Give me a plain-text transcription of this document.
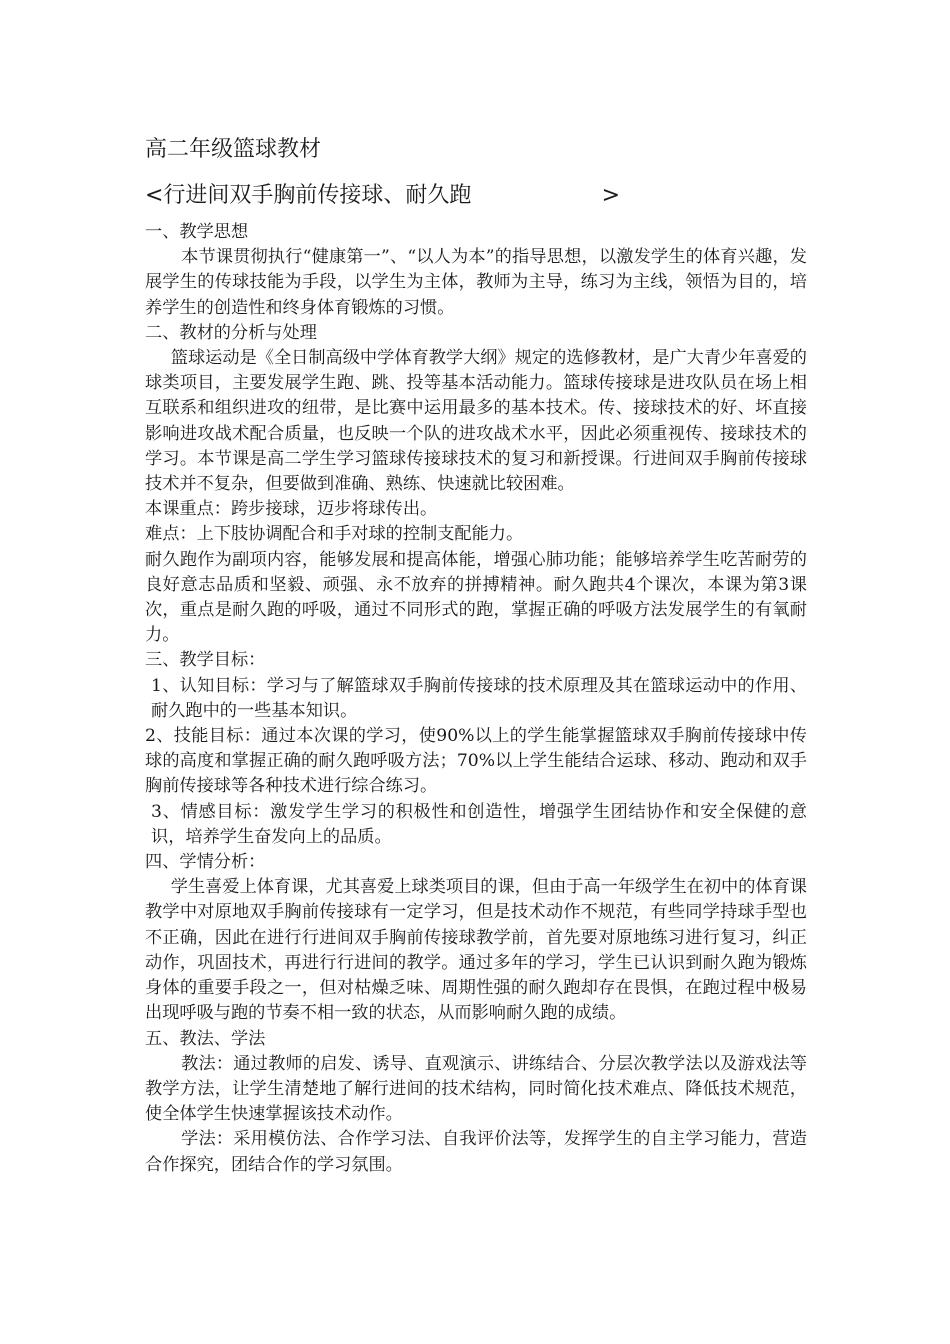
高二年级篮球教材
<行进间双手胸前传接球、耐久跑	>

一、教学思想

本节课贯彻执行“健康第一”、“以人为本”的指导思想，以激发学生的体育兴趣，发展学生的传球技能为手段，以学生为主体，教师为主导，练习为主线，领悟为目的，培养学生的创造性和终身体育锻炼的习惯。

二、教材的分析与处理

篮球运动是《全日制高级中学体育教学大纲》规定的选修教材，是广大青少年喜爱的球类项目，主要发展学生跑、跳、投等基本活动能力。篮球传接球是进攻队员在场上相互联系和组织进攻的纽带，是比赛中运用最多的基本技术。传、接球技术的好、坏直接影响进攻战术配合质量，也反映一个队的进攻战术水平，因此必须重视传、接球技术的学习。本节课是高二学生学习篮球传接球技术的复习和新授课。行进间双手胸前传接球技术并不复杂，但要做到准确、熟练、快速就比较困难。

本课重点：跨步接球，迈步将球传出。

难点：上下肢协调配合和手对球的控制支配能力。

耐久跑作为副项内容，能够发展和提高体能，增强心肺功能；能够培养学生吃苦耐劳的良好意志品质和坚毅、顽强、永不放弃的拼搏精神。耐久跑共4个课次，本课为第3课次，重点是耐久跑的呼吸，通过不同形式的跑，掌握正确的呼吸方法发展学生的有氧耐力。

三、教学目标：

1、认知目标：学习与了解篮球双手胸前传接球的技术原理及其在篮球运动中的作用、耐久跑中的一些基本知识。

2、技能目标：通过本次课的学习，使90%以上的学生能掌握篮球双手胸前传接球中传球的高度和掌握正确的耐久跑呼吸方法；70%以上学生能结合运球、移动、跑动和双手胸前传接球等各种技术进行综合练习。

3、情感目标：激发学生学习的积极性和创造性，增强学生团结协作和安全保健的意识，培养学生奋发向上的品质。

四、学情分析：

学生喜爱上体育课，尤其喜爱上球类项目的课，但由于高一年级学生在初中的体育课教学中对原地双手胸前传接球有一定学习，但是技术动作不规范，有些同学持球手型也不正确，因此在进行行进间双手胸前传接球教学前，首先要对原地练习进行复习，纠正动作，巩固技术，再进行行进间的教学。通过多年的学习，学生已认识到耐久跑为锻炼身体的重要手段之一，但对枯燥乏味、周期性强的耐久跑却存在畏惧，在跑过程中极易出现呼吸与跑的节奏不相一致的状态，从而影响耐久跑的成绩。

五、教法、学法

教法：通过教师的启发、诱导、直观演示、讲练结合、分层次教学法以及游戏法等教学方法，让学生清楚地了解行进间的技术结构，同时简化技术难点、降低技术规范，使全体学生快速掌握该技术动作。

学法：采用模仿法、合作学习法、自我评价法等，发挥学生的自主学习能力，营造合作探究，团结合作的学习氛围。
